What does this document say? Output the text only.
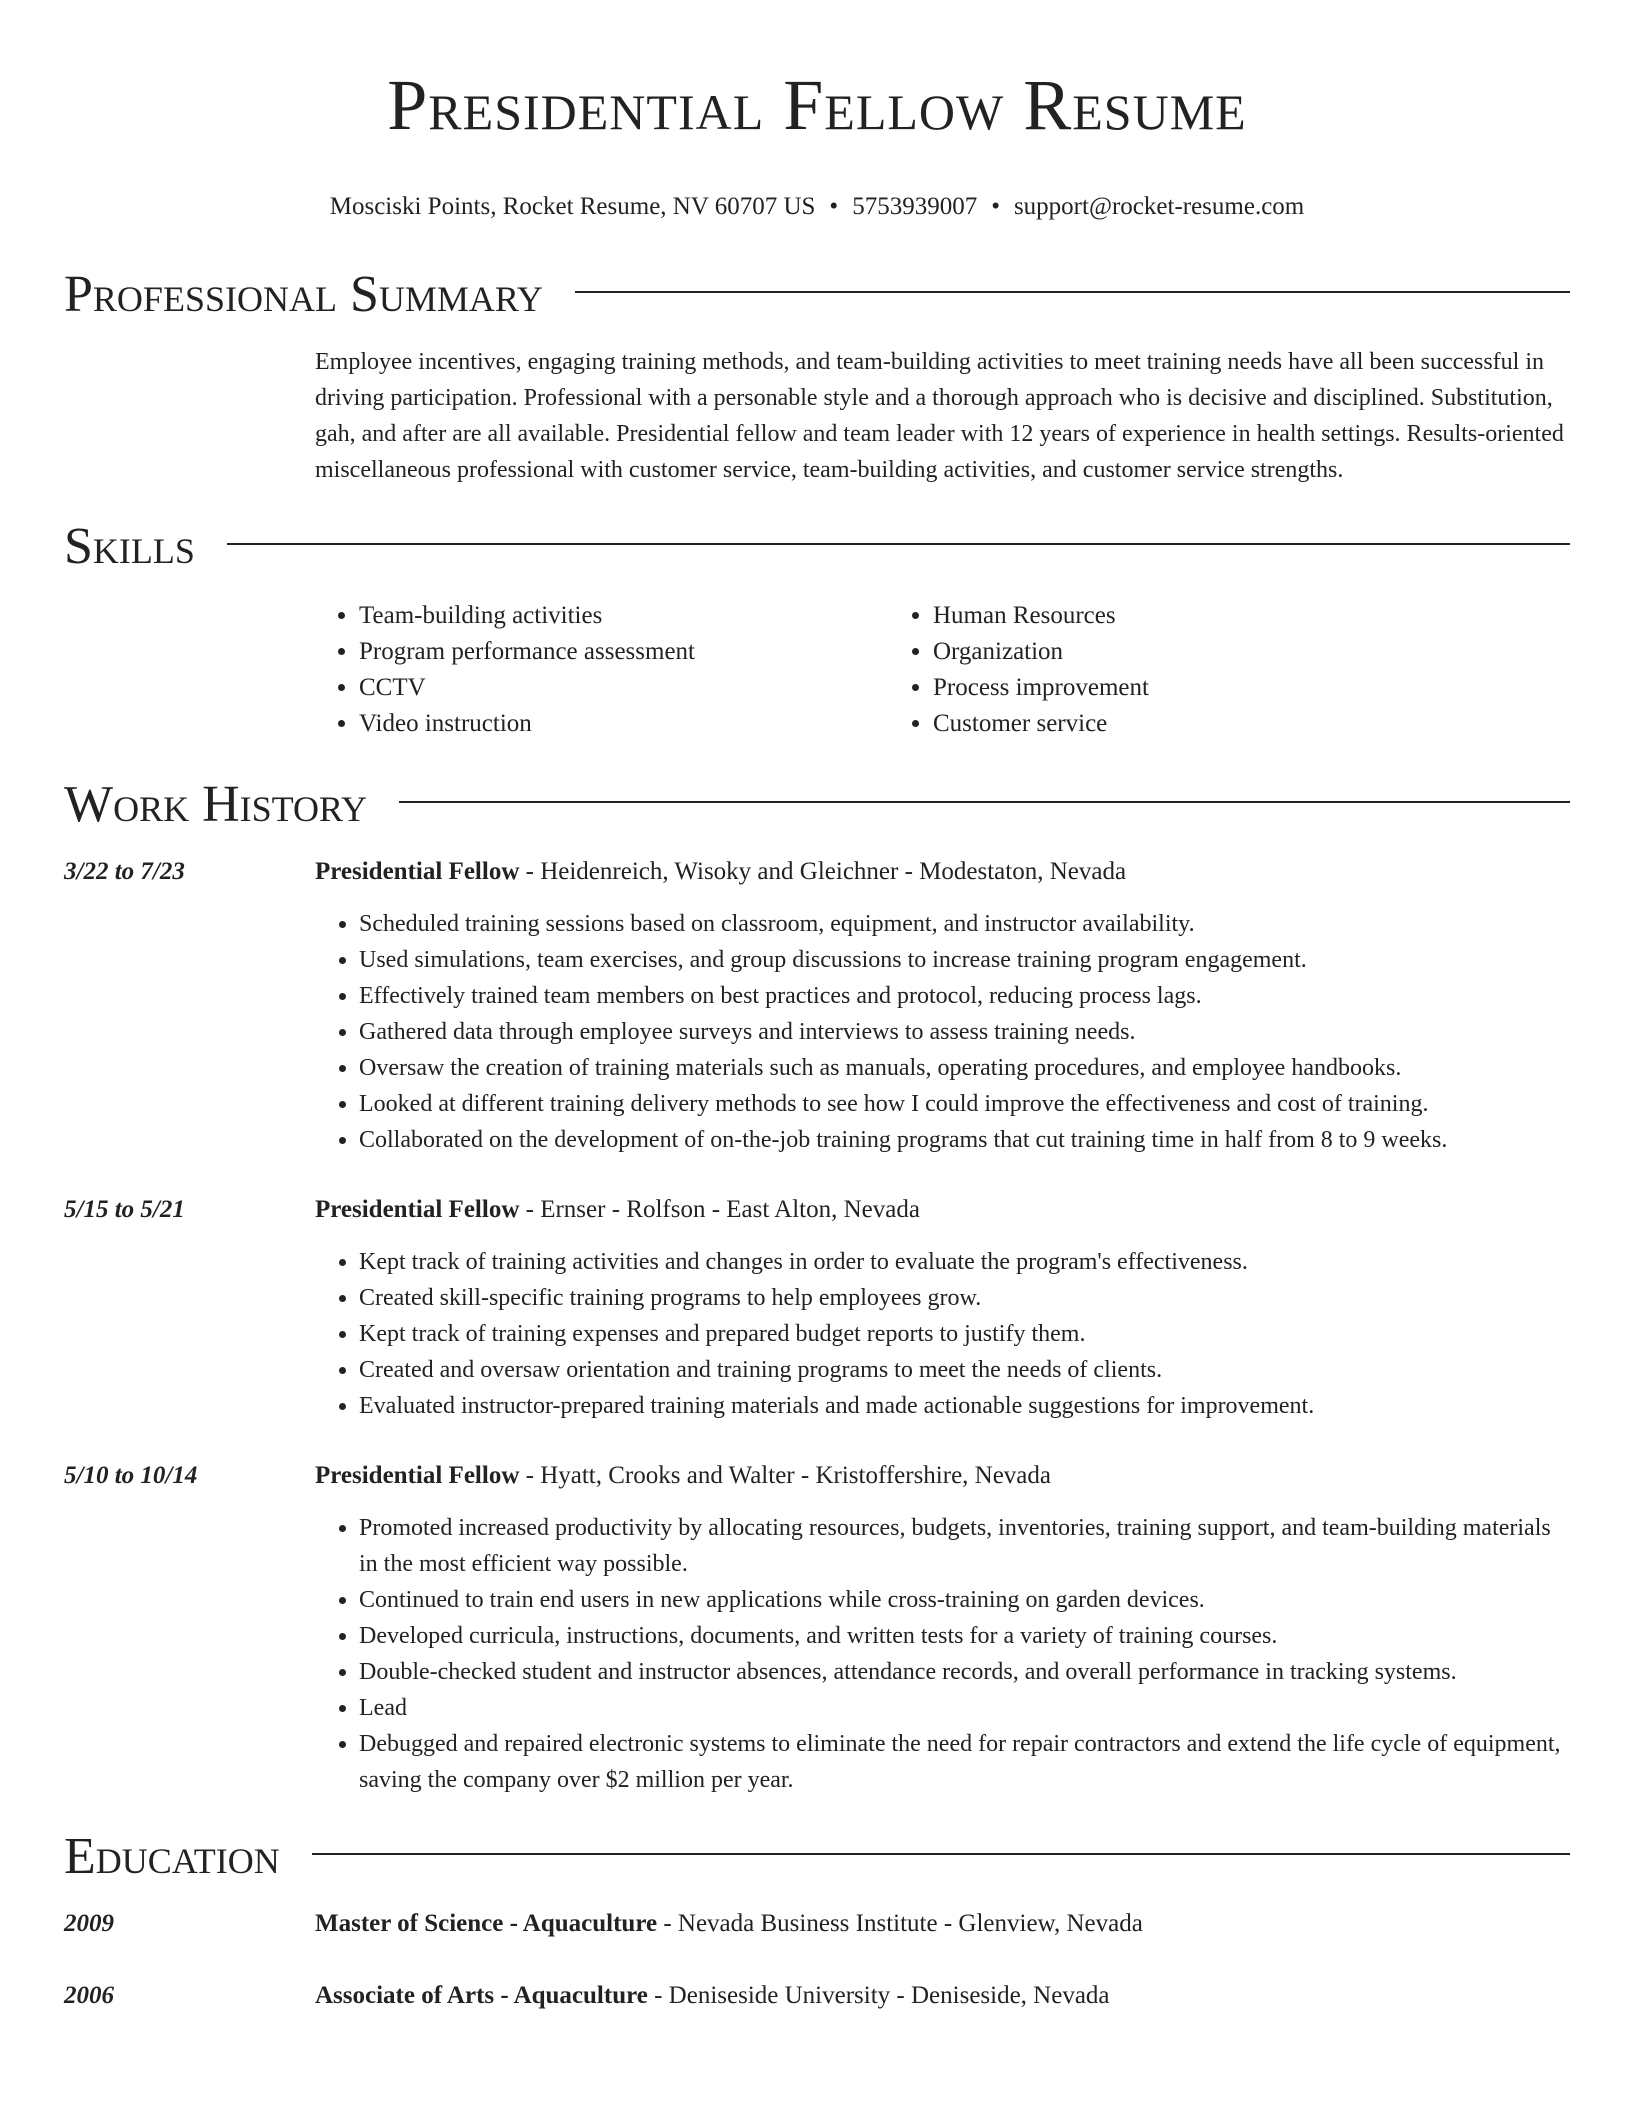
Presidential Fellow Resume
Mosciski Points, Rocket Resume, NV 60707 US • 5753939007 • support@rocket-resume.com
Professional Summary
Employee incentives, engaging training methods, and team-building activities to meet training needs have all been successful in driving participation. Professional with a personable style and a thorough approach who is decisive and disciplined. Substitution, gah, and after are all available. Presidential fellow and team leader with 12 years of experience in health settings. Results-oriented miscellaneous professional with customer service, team-building activities, and customer service strengths.
Skills
• Team-building activities
• Program performance assessment
• CCTV
• Video instruction
• Human Resources
• Organization
• Process improvement
• Customer service
Work History
3/22 to 7/23	Presidential Fellow - Heidenreich, Wisoky and Gleichner - Modestaton, Nevada
• Scheduled training sessions based on classroom, equipment, and instructor availability.
• Used simulations, team exercises, and group discussions to increase training program engagement.
• Effectively trained team members on best practices and protocol, reducing process lags.
• Gathered data through employee surveys and interviews to assess training needs.
• Oversaw the creation of training materials such as manuals, operating procedures, and employee handbooks.
• Looked at different training delivery methods to see how I could improve the effectiveness and cost of training.
• Collaborated on the development of on-the-job training programs that cut training time in half from 8 to 9 weeks.
5/15 to 5/21	Presidential Fellow - Ernser - Rolfson - East Alton, Nevada
• Kept track of training activities and changes in order to evaluate the program's effectiveness.
• Created skill-specific training programs to help employees grow.
• Kept track of training expenses and prepared budget reports to justify them.
• Created and oversaw orientation and training programs to meet the needs of clients.
• Evaluated instructor-prepared training materials and made actionable suggestions for improvement.
5/10 to 10/14	Presidential Fellow - Hyatt, Crooks and Walter - Kristoffershire, Nevada
• Promoted increased productivity by allocating resources, budgets, inventories, training support, and team-building materials in the most efficient way possible.
• Continued to train end users in new applications while cross-training on garden devices.
• Developed curricula, instructions, documents, and written tests for a variety of training courses.
• Double-checked student and instructor absences, attendance records, and overall performance in tracking systems.
• Lead
• Debugged and repaired electronic systems to eliminate the need for repair contractors and extend the life cycle of equipment, saving the company over $2 million per year.
Education
2009	Master of Science - Aquaculture - Nevada Business Institute - Glenview, Nevada
2006	Associate of Arts - Aquaculture - Deniseside University - Deniseside, Nevada
